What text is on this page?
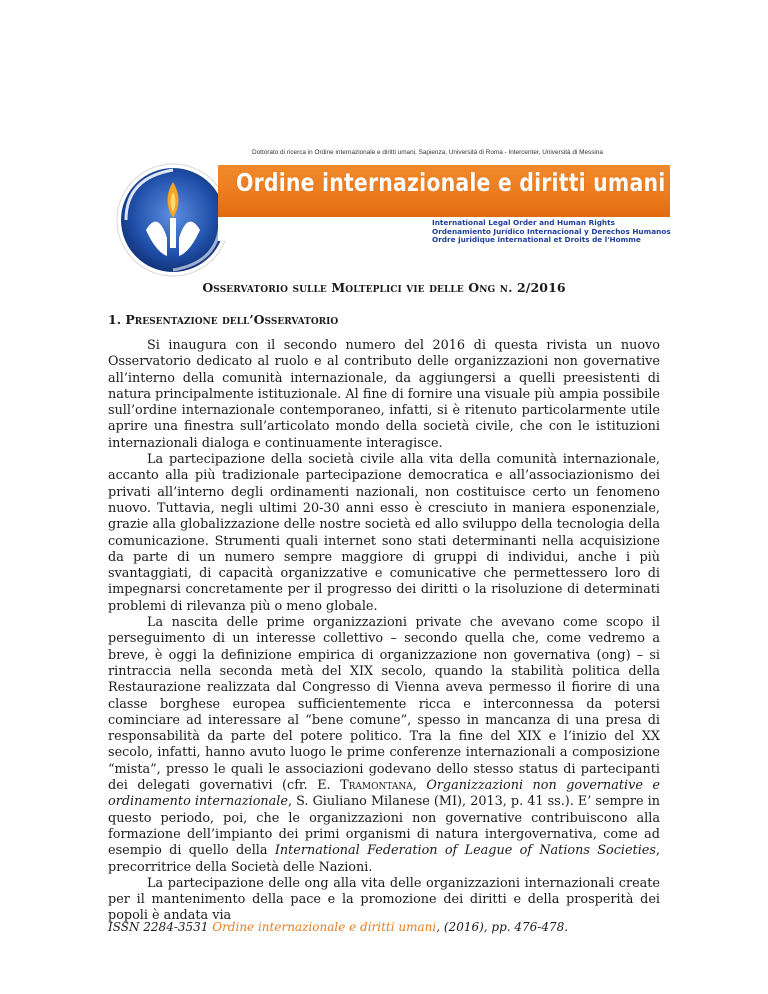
Dottorato di ricerca in Ordine internazionale e diritti umani, Sapienza, Università di Roma - Intercenter, Università di Messina
Ordine internazionale e diritti umani
International Legal Order and Human Rights
Ordenamiento Jurídico Internacional y Derechos Humanos
Ordre juridique international et Droits de l'Homme
Osservatorio sulle Molteplici vie delle Ong n. 2/2016
1. Presentazione dell’Osservatorio

Si inaugura con il secondo numero del 2016 di questa rivista un nuovo Osservatorio dedicato al ruolo e al contributo delle organizzazioni non governative all’interno della comunità internazionale, da aggiungersi a quelli preesistenti di natura principalmente istituzionale. Al fine di fornire una visuale più ampia possibile sull’ordine internazionale contemporaneo, infatti, si è ritenuto particolarmente utile aprire una finestra sull’articolato mondo della società civile, che con le istituzioni internazionali dialoga e continuamente interagisce.

La partecipazione della società civile alla vita della comunità internazionale, accanto alla più tradizionale partecipazione democratica e all’associazionismo dei privati all’interno degli ordinamenti nazionali, non costituisce certo un fenomeno nuovo. Tuttavia, negli ultimi 20-30 anni esso è cresciuto in maniera esponenziale, grazie alla globalizzazione delle nostre società ed allo sviluppo della tecnologia della comunicazione. Strumenti quali internet sono stati determinanti nella acquisizione da parte di un numero sempre maggiore di gruppi di individui, anche i più svantaggiati, di capacità organizzative e comunicative che permettessero loro di impegnarsi concretamente per il progresso dei diritti o la risoluzione di determinati problemi di rilevanza più o meno globale.

La nascita delle prime organizzazioni private che avevano come scopo il perseguimento di un interesse collettivo – secondo quella che, come vedremo a breve, è oggi la definizione empirica di organizzazione non governativa (ong) – si rintraccia nella seconda metà del XIX secolo, quando la stabilità politica della Restaurazione realizzata dal Congresso di Vienna aveva permesso il fiorire di una classe borghese europea sufficientemente ricca e interconnessa da potersi cominciare ad interessare al “bene comune”, spesso in mancanza di una presa di responsabilità da parte del potere politico. Tra la fine del XIX e l’inizio del XX secolo, infatti, hanno avuto luogo le prime conferenze internazionali a composizione “mista”, presso le quali le associazioni godevano dello stesso status di partecipanti dei delegati governativi (cfr. E. Tramontana, Organizzazioni non governative e ordinamento internazionale, S. Giuliano Milanese (MI), 2013, p. 41 ss.). E’ sempre in questo periodo, poi, che le organizzazioni non governative contribuiscono alla formazione dell’impianto dei primi organismi di natura intergovernativa, come ad esempio di quello della International Federation of League of Nations Societies, precorritrice della Società delle Nazioni.

La partecipazione delle ong alla vita delle organizzazioni internazionali create per il mantenimento della pace e la promozione dei diritti e della prosperità dei popoli è andata via

ISSN 2284-3531 Ordine internazionale e diritti umani, (2016), pp. 476-478.
